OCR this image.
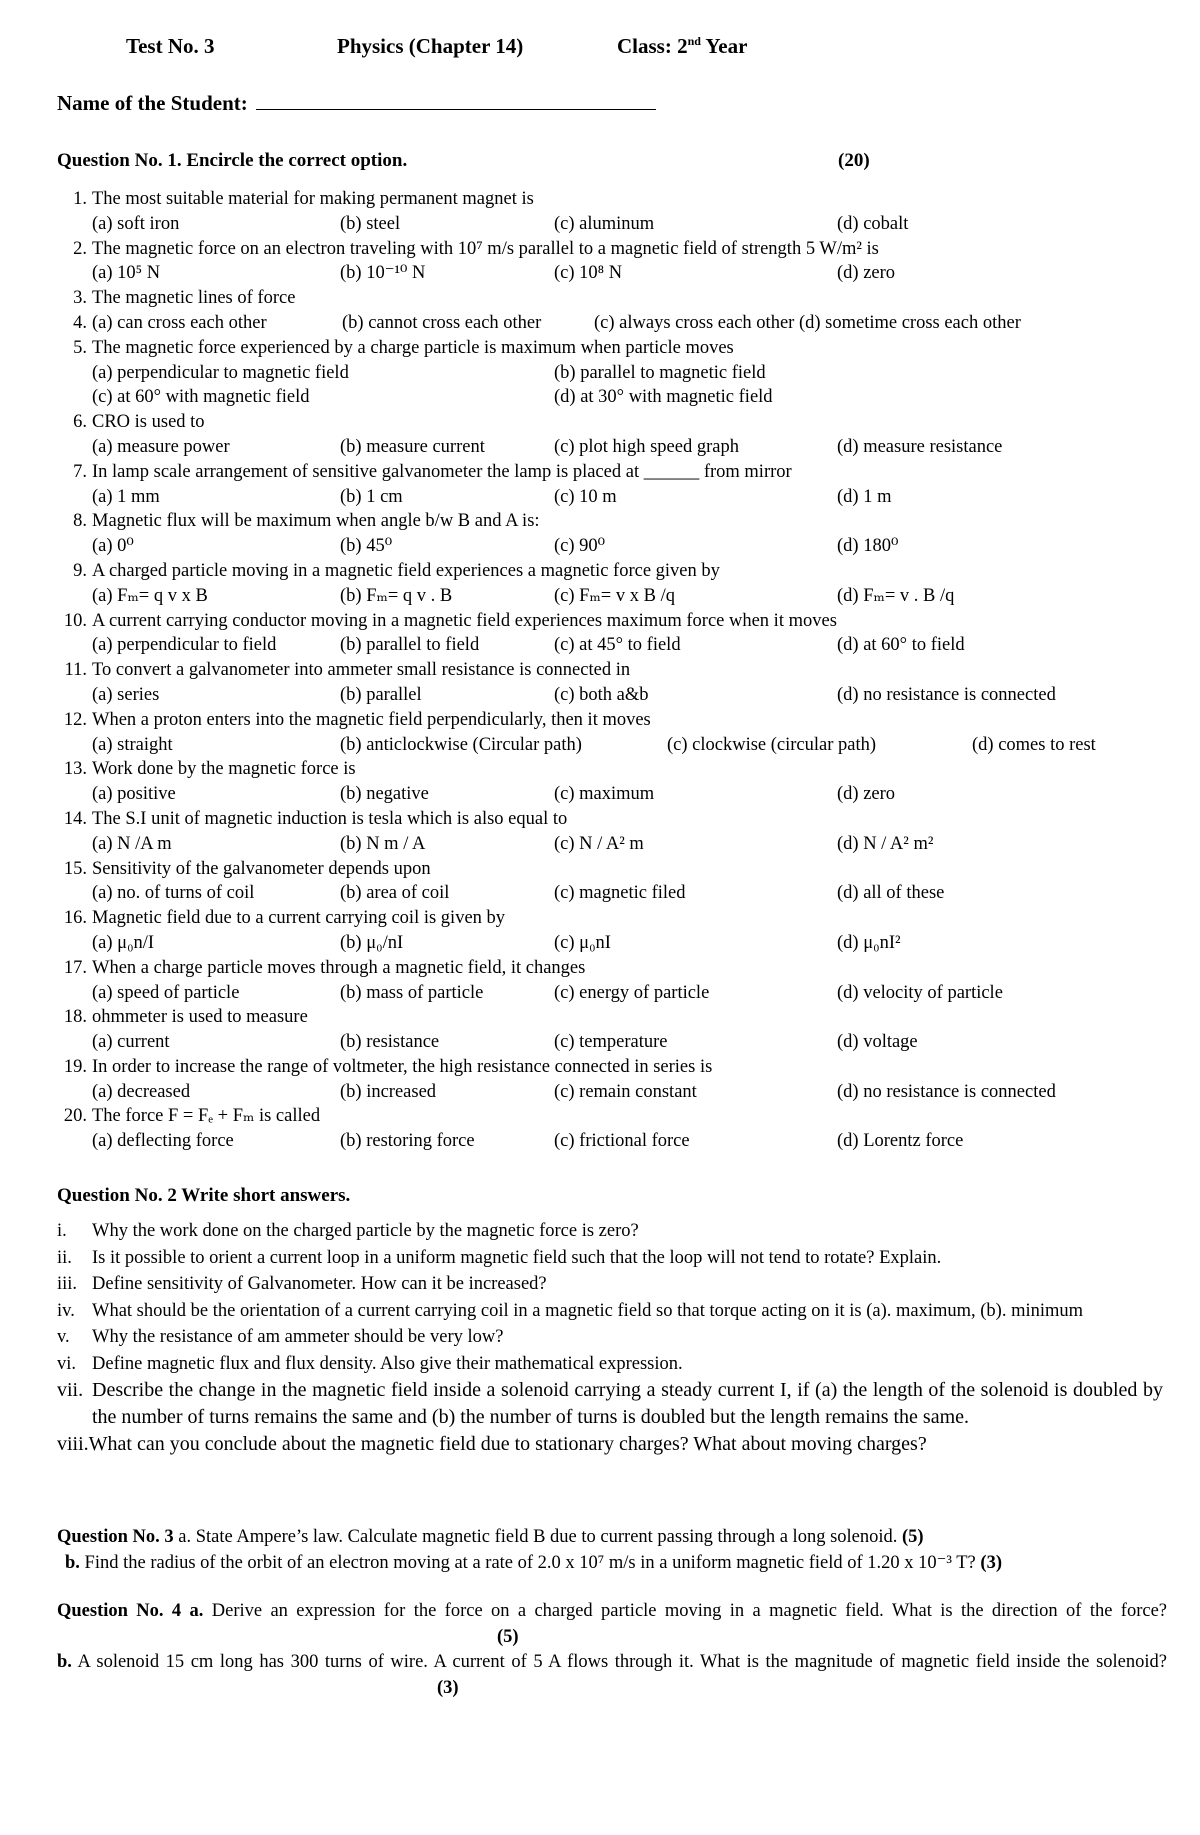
Test No. 3	Physics (Chapter 14)	Class: 2nd Year
Name of the Student:
Question No. 1. Encircle the correct option.	(20)
1. The most suitable material for making permanent magnet is
(a) soft iron	(b) steel	(c) aluminum	(d) cobalt
2. The magnetic force on an electron traveling with 10⁷ m/s parallel to a magnetic field of strength 5 W/m² is
(a) 10⁵ N	(b) 10⁻¹⁰ N	(c) 10⁸ N	(d) zero
3. The magnetic lines of force
4. (a) can cross each other	(b) cannot cross each other	(c) always cross each other (d) sometime cross each other
5. The magnetic force experienced by a charge particle is maximum when particle moves
(a) perpendicular to magnetic field	(b) parallel to magnetic field
(c) at 60° with magnetic field	(d) at 30° with magnetic field
6. CRO is used to
(a) measure power	(b) measure current	(c) plot high speed graph	(d) measure resistance
7. In lamp scale arrangement of sensitive galvanometer the lamp is placed at ______ from mirror
(a) 1 mm	(b) 1 cm	(c) 10 m	(d) 1 m
8. Magnetic flux will be maximum when angle b/w B and A is:
(a) 0⁰	(b) 45⁰	(c) 90⁰	(d) 180⁰
9. A charged particle moving in a magnetic field experiences a magnetic force given by
(a) Fₘ= q v x B	(b) Fₘ= q v . B	(c) Fₘ= v x B /q	(d) Fₘ= v . B /q
10. A current carrying conductor moving in a magnetic field experiences maximum force when it moves
(a) perpendicular to field	(b) parallel to field	(c) at 45° to field	(d) at 60° to field
11. To convert a galvanometer into ammeter small resistance is connected in
(a) series	(b) parallel	(c) both a&b	(d) no resistance is connected
12. When a proton enters into the magnetic field perpendicularly, then it moves
(a) straight	(b) anticlockwise (Circular path)	(c) clockwise (circular path)	(d) comes to rest
13. Work done by the magnetic force is
(a) positive	(b) negative	(c) maximum	(d) zero
14. The S.I unit of magnetic induction is tesla which is also equal to
(a) N /A m	(b) N m / A	(c) N / A² m	(d) N / A² m²
15. Sensitivity of the galvanometer depends upon
(a) no. of turns of coil	(b) area of coil	(c) magnetic filed	(d) all of these
16. Magnetic field due to a current carrying coil is given by
(a) μ₀n/I	(b) μ₀/nI	(c) μ₀nI	(d) μ₀nI²
17. When a charge particle moves through a magnetic field, it changes
(a) speed of particle	(b) mass of particle	(c) energy of particle	(d) velocity of particle
18. ohmmeter is used to measure
(a) current	(b) resistance	(c) temperature	(d) voltage
19. In order to increase the range of voltmeter, the high resistance connected in series is
(a) decreased	(b) increased	(c) remain constant	(d) no resistance is connected
20. The force F = Fₑ + Fₘ is called
(a) deflecting force	(b) restoring force	(c) frictional force	(d) Lorentz force
Question No. 2 Write short answers.
i. Why the work done on the charged particle by the magnetic force is zero?
ii. Is it possible to orient a current loop in a uniform magnetic field such that the loop will not tend to rotate? Explain.
iii. Define sensitivity of Galvanometer. How can it be increased?
iv. What should be the orientation of a current carrying coil in a magnetic field so that torque acting on it is (a). maximum, (b). minimum
v. Why the resistance of am ammeter should be very low?
vi. Define magnetic flux and flux density. Also give their mathematical expression.
vii. Describe the change in the magnetic field inside a solenoid carrying a steady current I, if (a) the length of the solenoid is doubled by the number of turns remains the same and (b) the number of turns is doubled but the length remains the same.
viii.What can you conclude about the magnetic field due to stationary charges? What about moving charges?
Question No. 3 a. State Ampere’s law. Calculate magnetic field B due to current passing through a long solenoid. (5)
b. Find the radius of the orbit of an electron moving at a rate of 2.0 x 10⁷ m/s in a uniform magnetic field of 1.20 x 10⁻³ T? (3)
Question No. 4 a. Derive an expression for the force on a charged particle moving in a magnetic field. What is the direction of the force? (5)
b. A solenoid 15 cm long has 300 turns of wire. A current of 5 A flows through it. What is the magnitude of magnetic field inside the solenoid? (3)
